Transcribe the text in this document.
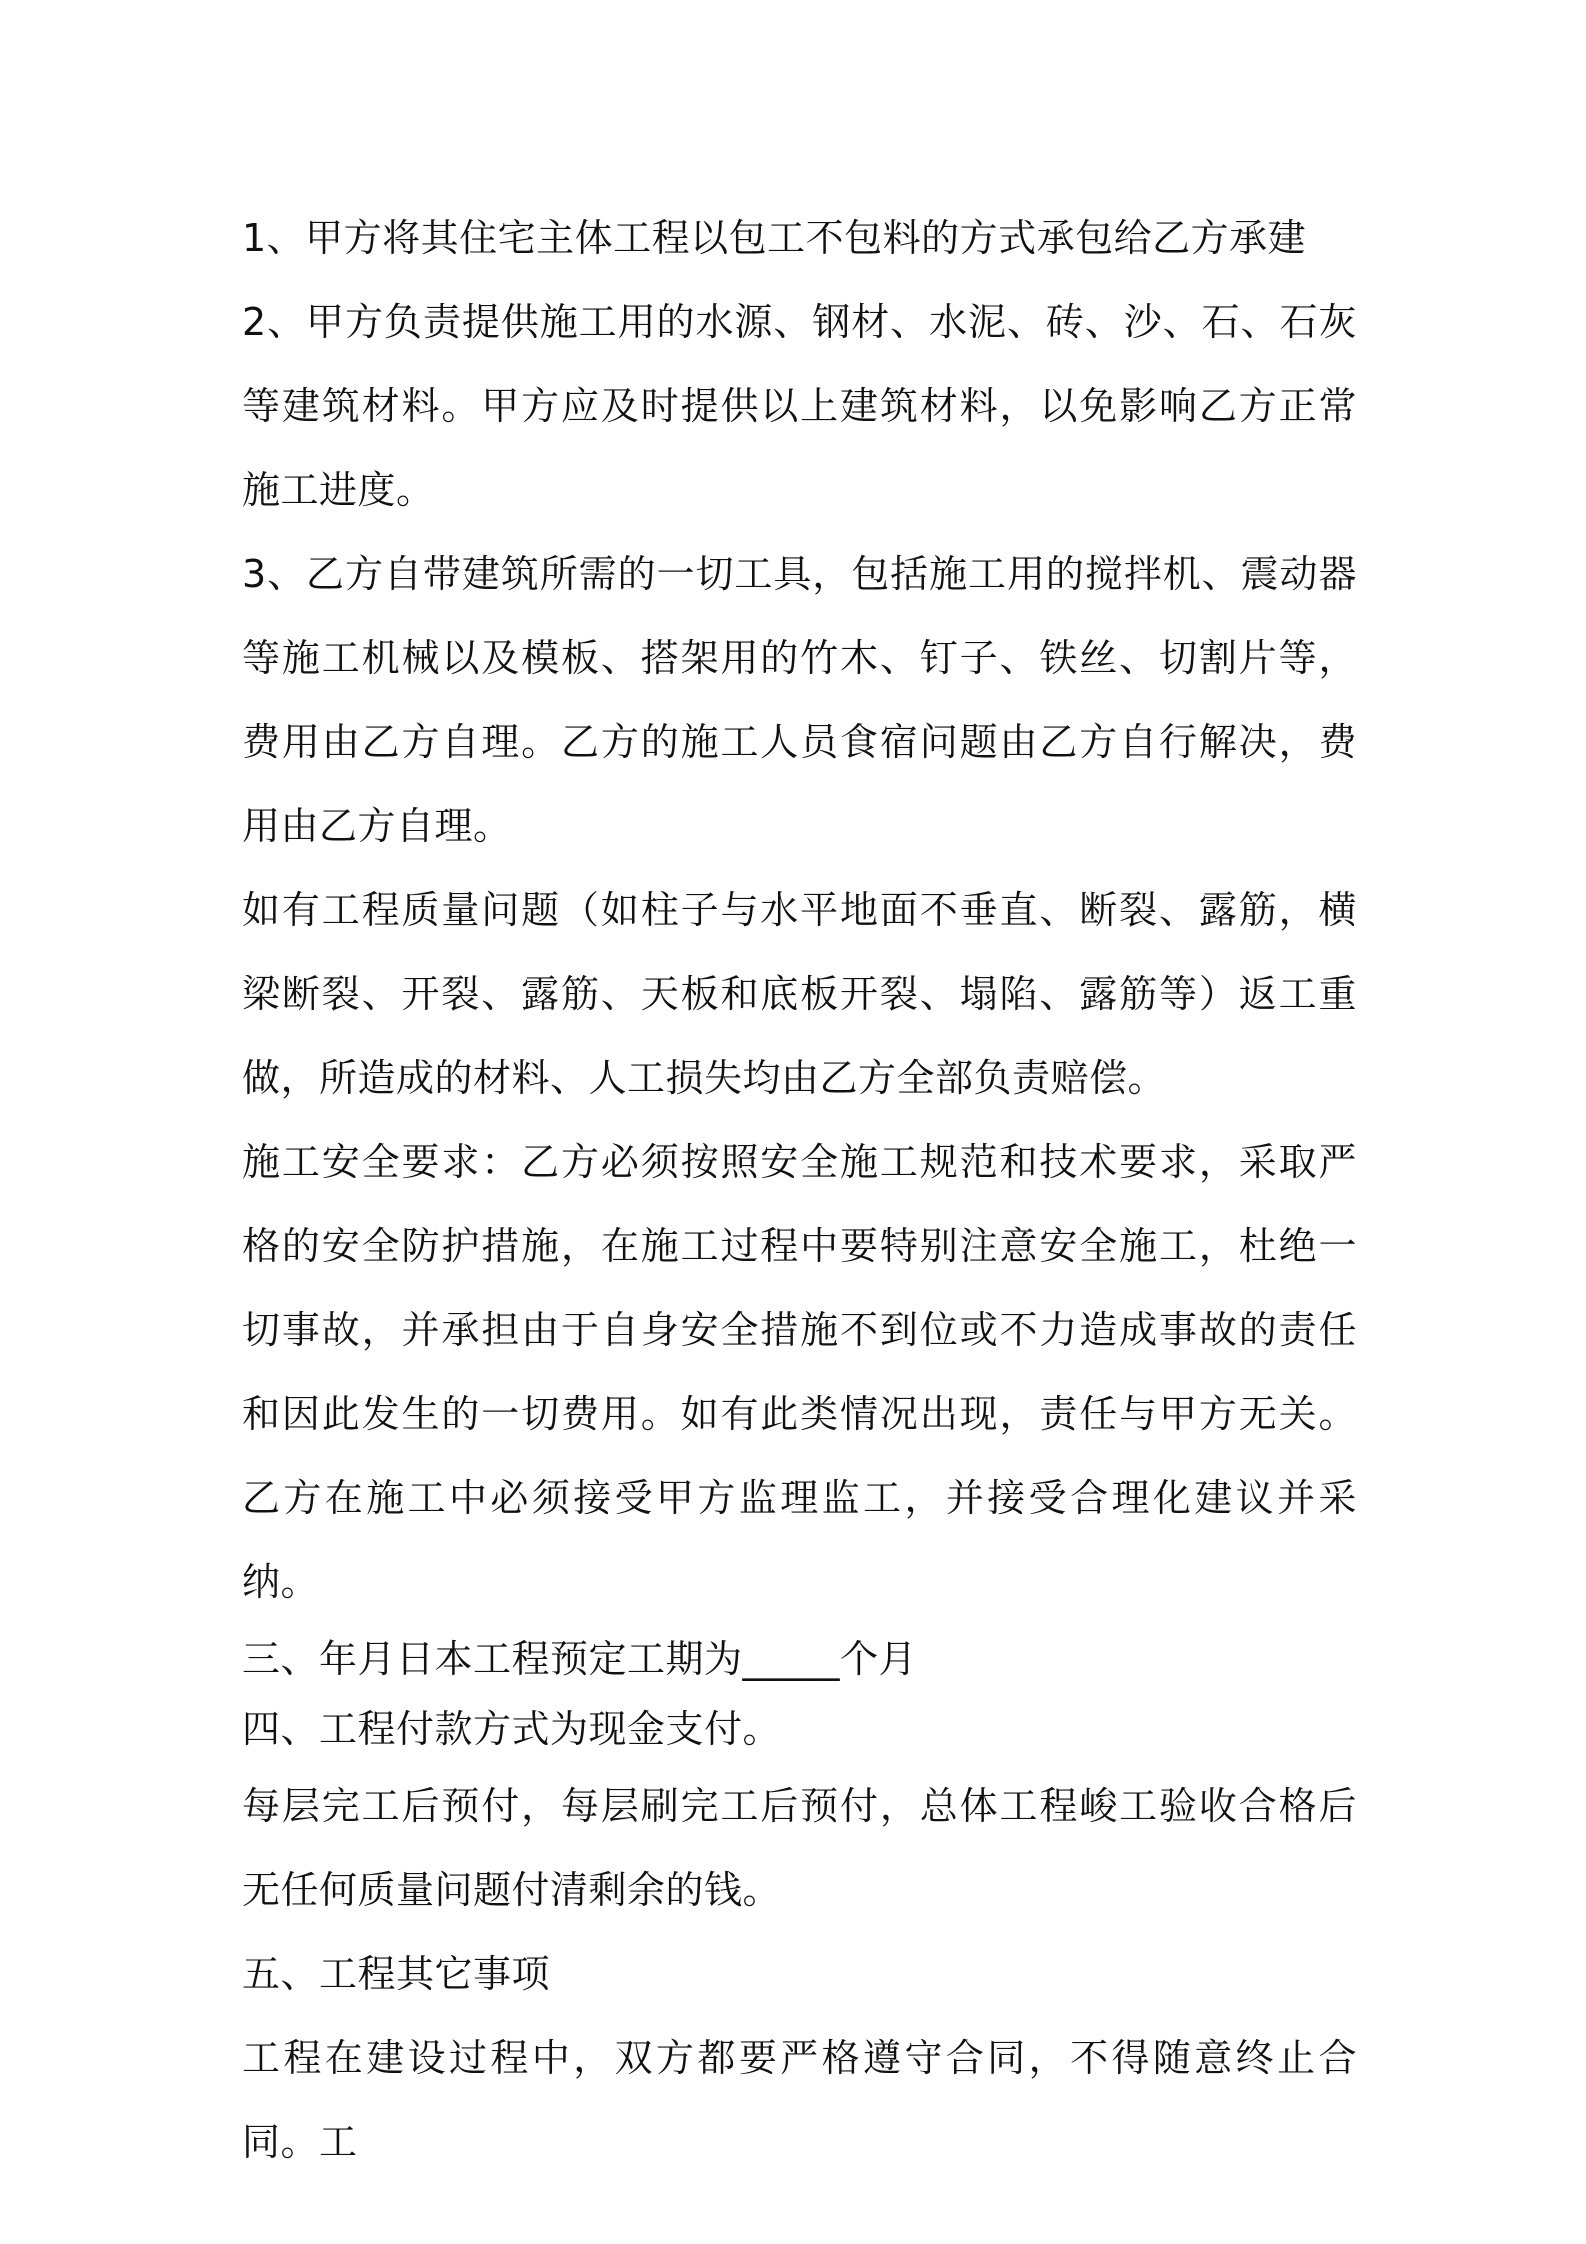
1、甲方将其住宅主体工程以包工不包料的方式承包给乙方承建

2、甲方负责提供施工用的水源、钢材、水泥、砖、沙、石、石灰等建筑材料。甲方应及时提供以上建筑材料，以免影响乙方正常施工进度。

3、乙方自带建筑所需的一切工具，包括施工用的搅拌机、震动器等施工机械以及模板、搭架用的竹木、钉子、铁丝、切割片等，费用由乙方自理。乙方的施工人员食宿问题由乙方自行解决，费用由乙方自理。

如有工程质量问题（如柱子与水平地面不垂直、断裂、露筋，横梁断裂、开裂、露筋、天板和底板开裂、塌陷、露筋等）返工重做，所造成的材料、人工损失均由乙方全部负责赔偿。

施工安全要求：乙方必须按照安全施工规范和技术要求，采取严格的安全防护措施，在施工过程中要特别注意安全施工，杜绝一切事故，并承担由于自身安全措施不到位或不力造成事故的责任和因此发生的一切费用。如有此类情况出现，责任与甲方无关。乙方在施工中必须接受甲方监理监工，并接受合理化建议并采纳。

三、年月日本工程预定工期为_____个月

四、工程付款方式为现金支付。

每层完工后预付，每层刷完工后预付，总体工程峻工验收合格后无任何质量问题付清剩余的钱。

五、工程其它事项

工程在建设过程中，双方都要严格遵守合同，不得随意终止合同。工
